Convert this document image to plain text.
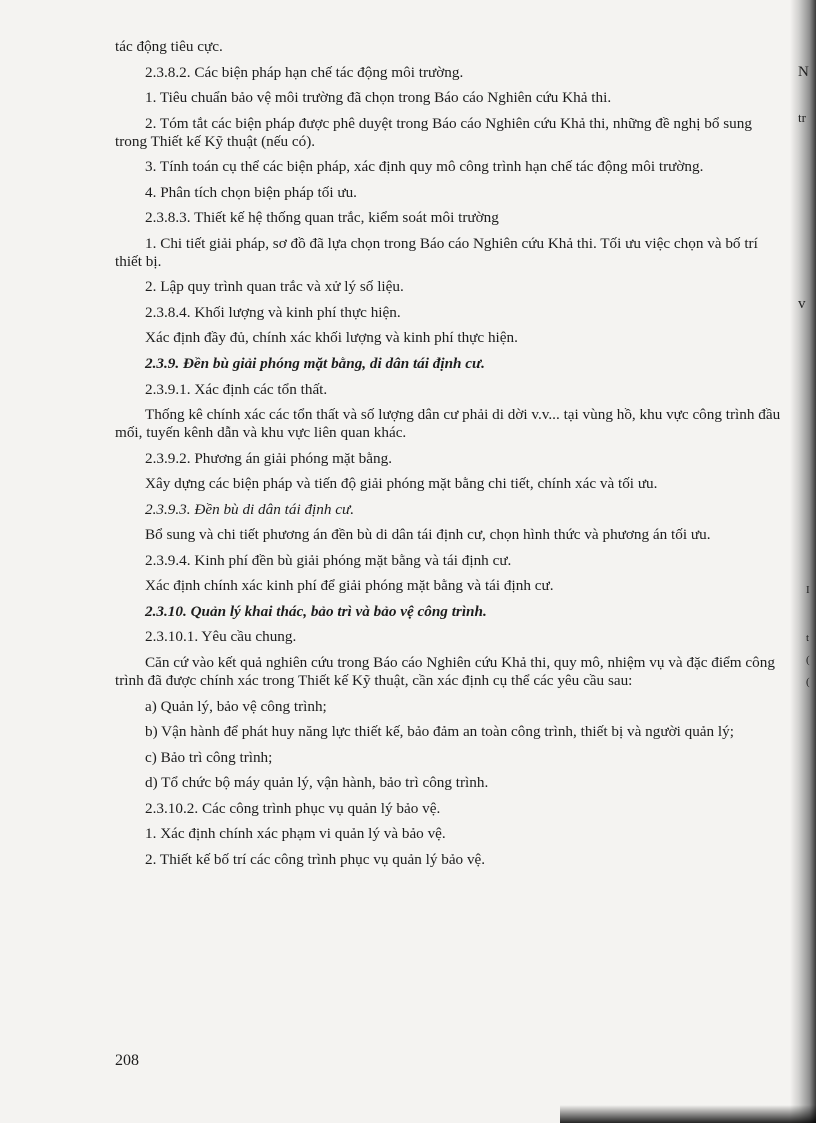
tác động tiêu cực.

2.3.8.2. Các biện pháp hạn chế tác động môi trường.

1. Tiêu chuẩn bảo vệ môi trường đã chọn trong Báo cáo Nghiên cứu Khả thi.

2. Tóm tắt các biện pháp được phê duyệt trong Báo cáo Nghiên cứu Khả thi, những đề nghị bổ sung trong Thiết kế Kỹ thuật (nếu có).

3. Tính toán cụ thể các biện pháp, xác định quy mô công trình hạn chế tác động môi trường.

4. Phân tích chọn biện pháp tối ưu.

2.3.8.3. Thiết kế hệ thống quan trắc, kiểm soát môi trường

1. Chi tiết giải pháp, sơ đồ đã lựa chọn trong Báo cáo Nghiên cứu Khả thi. Tối ưu việc chọn và bố trí thiết bị.

2. Lập quy trình quan trắc và xử lý số liệu.

2.3.8.4. Khối lượng và kinh phí thực hiện.

Xác định đầy đủ, chính xác khối lượng và kinh phí thực hiện.

2.3.9. Đền bù giải phóng mặt bằng, di dân tái định cư.

2.3.9.1. Xác định các tổn thất.

Thống kê chính xác các tổn thất và số lượng dân cư phải di dời v.v... tại vùng hồ, khu vực công trình đầu mối, tuyến kênh dẫn và khu vực liên quan khác.

2.3.9.2. Phương án giải phóng mặt bằng.

Xây dựng các biện pháp và tiến độ giải phóng mặt bằng chi tiết, chính xác và tối ưu.

2.3.9.3. Đền bù di dân tái định cư.

Bổ sung và chi tiết phương án đền bù di dân tái định cư, chọn hình thức và phương án tối ưu.

2.3.9.4. Kinh phí đền bù giải phóng mặt bằng và tái định cư.

Xác định chính xác kinh phí để giải phóng mặt bằng và tái định cư.

2.3.10. Quản lý khai thác, bảo trì và bảo vệ công trình.

2.3.10.1. Yêu cầu chung.

Căn cứ vào kết quả nghiên cứu trong Báo cáo Nghiên cứu Khả thi, quy mô, nhiệm vụ và đặc điểm công trình đã được chính xác trong Thiết kế Kỹ thuật, cần xác định cụ thể các yêu cầu sau:

a) Quản lý, bảo vệ công trình;

b) Vận hành để phát huy năng lực thiết kế, bảo đảm an toàn công trình, thiết bị và người quản lý;

c) Bảo trì công trình;

d) Tổ chức bộ máy quản lý, vận hành, bảo trì công trình.

2.3.10.2. Các công trình phục vụ quản lý bảo vệ.

1. Xác định chính xác phạm vi quản lý và bảo vệ.

2. Thiết kế bố trí các công trình phục vụ quản lý bảo vệ.

208
N
tr
v
I
t
(
(
